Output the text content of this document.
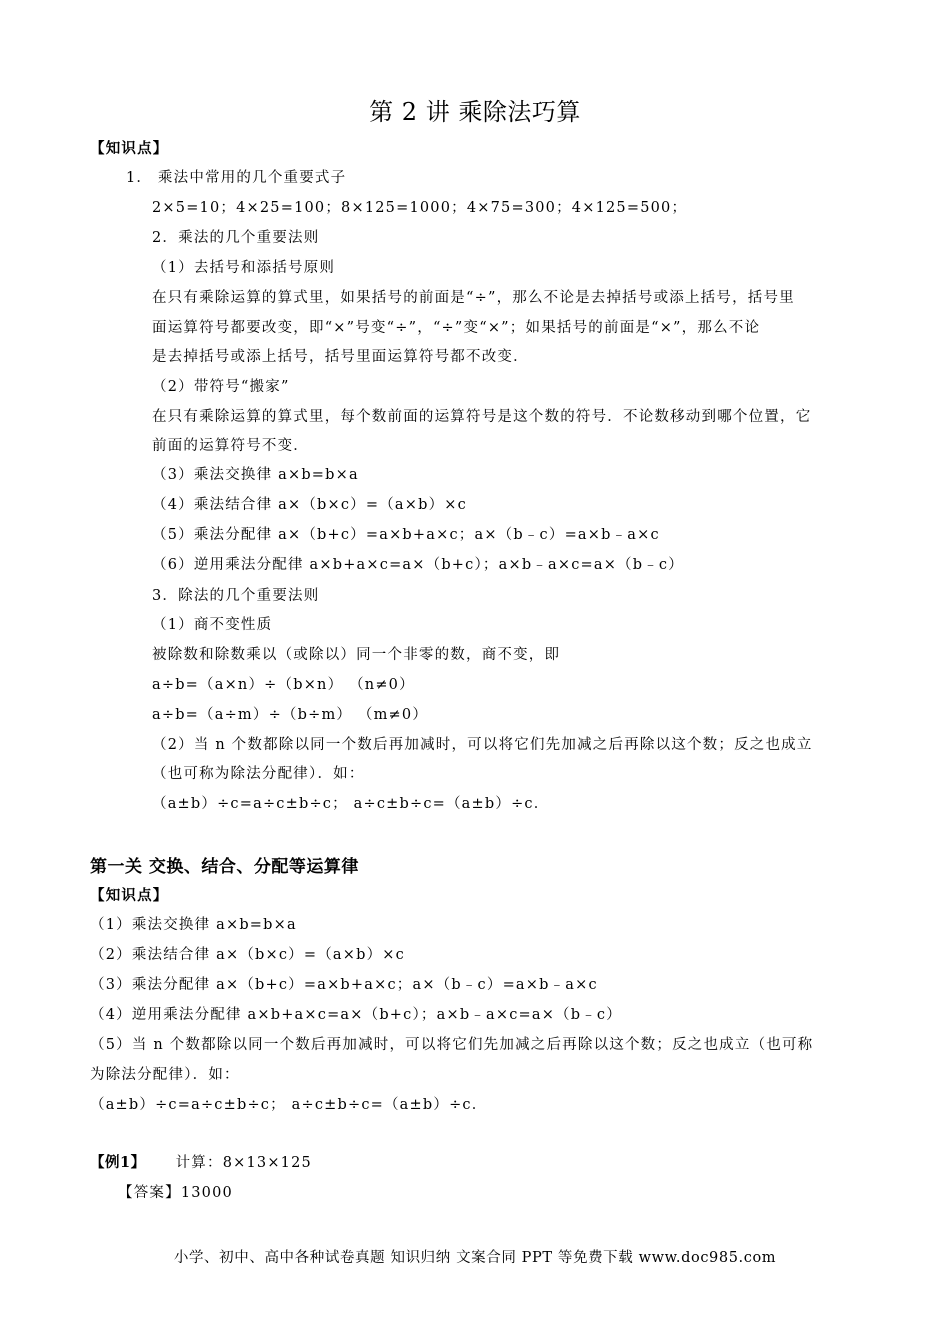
第 2 讲 乘除法巧算
【知识点】
1． 乘法中常用的几个重要式子
2×5=10；4×25=100；8×125=1000；4×75=300；4×125=500；
2．乘法的几个重要法则
（1）去括号和添括号原则
在只有乘除运算的算式里，如果括号的前面是“÷”，那么不论是去掉括号或添上括号，括号里
面运算符号都要改变，即“×”号变“÷”，“÷”变“×”；如果括号的前面是“×”，那么不论
是去掉括号或添上括号，括号里面运算符号都不改变．
（2）带符号“搬家”
在只有乘除运算的算式里，每个数前面的运算符号是这个数的符号．不论数移动到哪个位置，它
前面的运算符号不变．
（3）乘法交换律 a×b=b×a
（4）乘法结合律 a×（b×c）=（a×b）×c
（5）乘法分配律 a×（b+c）=a×b+a×c；a×（b﹣c）=a×b﹣a×c
（6）逆用乘法分配律 a×b+a×c=a×（b+c）；a×b﹣a×c=a×（b﹣c）
3．除法的几个重要法则
（1）商不变性质
被除数和除数乘以（或除以）同一个非零的数，商不变，即
a÷b=（a×n）÷（b×n） （n≠0）
a÷b=（a÷m）÷（b÷m） （m≠0）
（2）当 n 个数都除以同一个数后再加减时，可以将它们先加减之后再除以这个数；反之也成立
（也可称为除法分配律）．如：
（a±b）÷c=a÷c±b÷c； a÷c±b÷c=（a±b）÷c．
第一关 交换、结合、分配等运算律
【知识点】
（1）乘法交换律 a×b=b×a
（2）乘法结合律 a×（b×c）=（a×b）×c
（3）乘法分配律 a×（b+c）=a×b+a×c；a×（b﹣c）=a×b﹣a×c
（4）逆用乘法分配律 a×b+a×c=a×（b+c）；a×b﹣a×c=a×（b﹣c）
（5）当 n 个数都除以同一个数后再加减时，可以将它们先加减之后再除以这个数；反之也成立（也可称
为除法分配律）．如：
（a±b）÷c=a÷c±b÷c； a÷c±b÷c=（a±b）÷c．
【例1】 计算：8×13×125
【答案】13000
小学、初中、高中各种试卷真题 知识归纳 文案合同 PPT 等免费下载 www.doc985.com
